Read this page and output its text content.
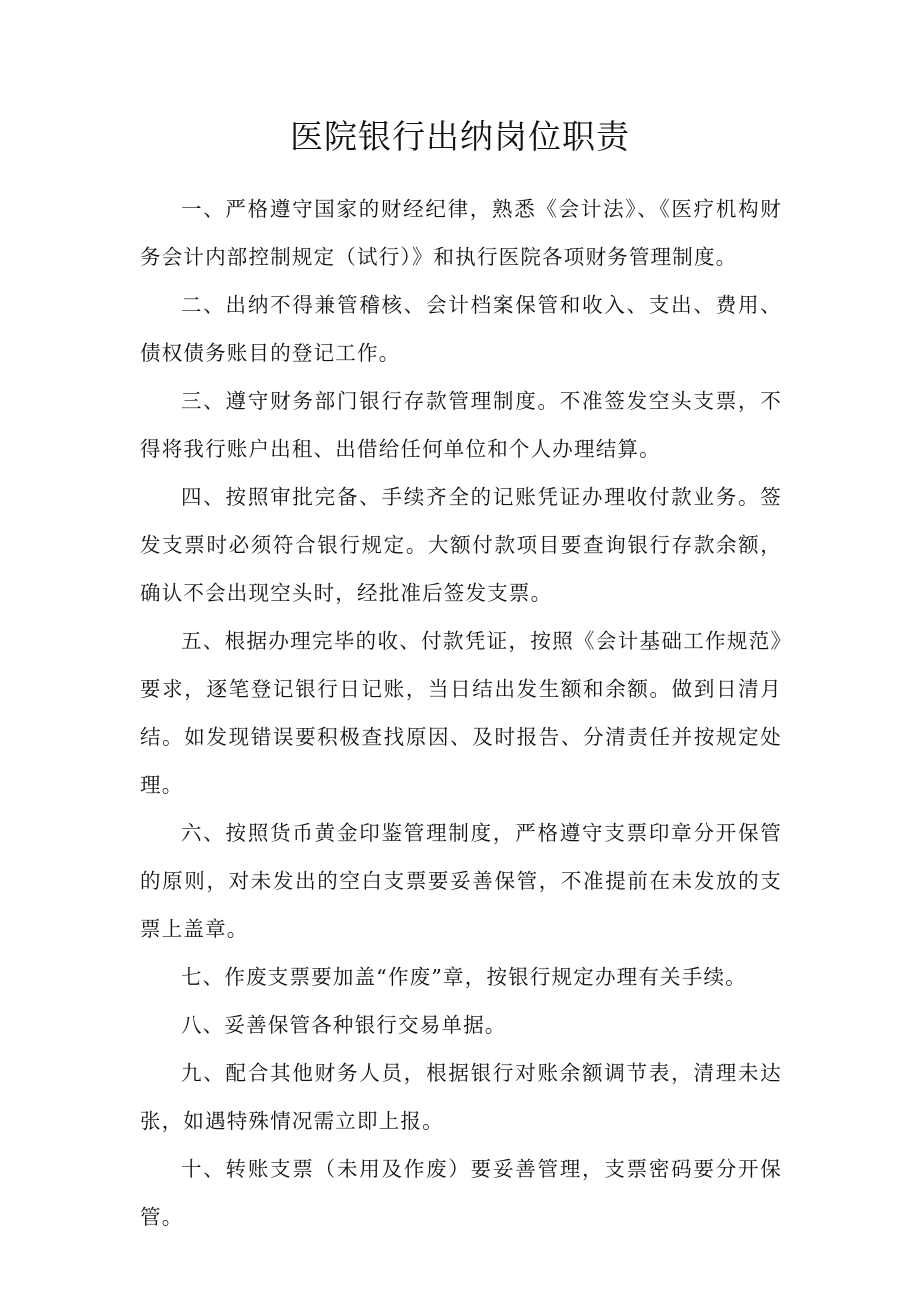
医院银行出纳岗位职责

一、严格遵守国家的财经纪律，熟悉《会计法》、《医疗机构财务会计内部控制规定（试行）》和执行医院各项财务管理制度。

二、出纳不得兼管稽核、会计档案保管和收入、支出、费用、债权债务账目的登记工作。

三、遵守财务部门银行存款管理制度。不准签发空头支票，不得将我行账户出租、出借给任何单位和个人办理结算。

四、按照审批完备、手续齐全的记账凭证办理收付款业务。签发支票时必须符合银行规定。大额付款项目要查询银行存款余额，确认不会出现空头时，经批准后签发支票。

五、根据办理完毕的收、付款凭证，按照《会计基础工作规范》要求，逐笔登记银行日记账，当日结出发生额和余额。做到日清月结。如发现错误要积极查找原因、及时报告、分清责任并按规定处理。

六、按照货币黄金印鉴管理制度，严格遵守支票印章分开保管的原则，对未发出的空白支票要妥善保管，不准提前在未发放的支票上盖章。

七、作废支票要加盖“作废”章，按银行规定办理有关手续。

八、妥善保管各种银行交易单据。

九、配合其他财务人员，根据银行对账余额调节表，清理未达张，如遇特殊情况需立即上报。

十、转账支票（未用及作废）要妥善管理，支票密码要分开保管。
